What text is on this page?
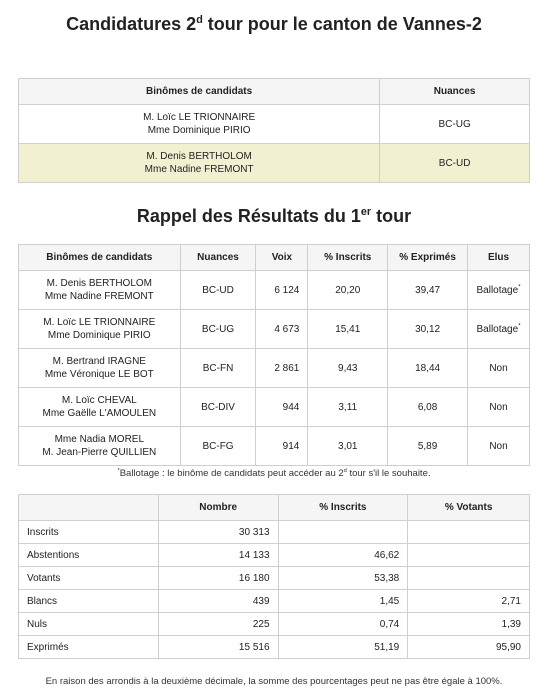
Candidatures 2$^d$ tour pour le canton de Vannes-2
Binômes de candidats	Nuances

M. Loïc LE TRIONNAIRE
Mme Dominique PIRIO	BC-UG

M. Denis BERTHOLOM
Mme Nadine FREMONT	BC-UD
Rappel des Résultats du 1er tour
Binômes de candidats	Nuances	Voix	% Inscrits	% Exprimés	Elus

M. Denis BERTHOLOM
Mme Nadine FREMONT	BC-UD	6 124	20,20	39,47	Ballotage*

M. Loïc LE TRIONNAIRE
Mme Dominique PIRIO	BC-UG	4 673	15,41	30,12	Ballotage*

M. Bertrand IRAGNE
Mme Véronique LE BOT	BC-FN	2 861	9,43	18,44	Non

M. Loïc CHEVAL
Mme Gaëlle L'AMOULEN	BC-DIV	944	3,11	6,08	Non

Mme Nadia MOREL
M. Jean-Pierre QUILLIEN	BC-FG	914	3,01	5,89	Non
*Ballotage : le binôme de candidats peut accéder au 2$^d$ tour s'il le souhaite.
	Nombre	% Inscrits	% Votants
Inscrits	30 313		
Abstentions	14 133	46,62	
Votants	16 180	53,38	
Blancs	439	1,45	2,71
Nuls	225	0,74	1,39
Exprimés	15 516	51,19	95,90
En raison des arrondis à la deuxième décimale, la somme des pourcentages peut ne pas être égale à 100%.
